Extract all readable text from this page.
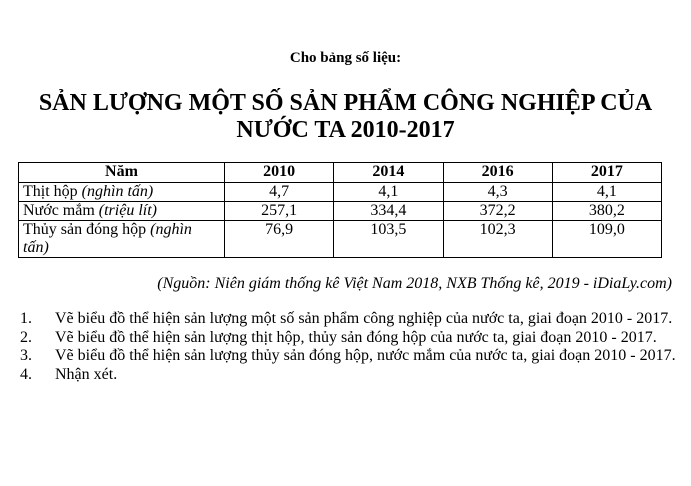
Cho bảng số liệu:
SẢN LƯỢNG MỘT SỐ SẢN PHẨM CÔNG NGHIỆP CỦA
NƯỚC TA 2010-2017
Năm	2010	2014	2016	2017
Thịt hộp (nghìn tấn)	4,7	4,1	4,3	4,1
Nước mắm (triệu lít)	257,1	334,4	372,2	380,2
Thủy sản đóng hộp (nghìn tấn)	76,9	103,5	102,3	109,0
(Nguồn: Niên giám thống kê Việt Nam 2018, NXB Thống kê, 2019 - iDiaLy.com)
1. Vẽ biểu đồ thể hiện sản lượng một số sản phẩm công nghiệp của nước ta, giai đoạn 2010 - 2017.
2. Vẽ biểu đồ thể hiện sản lượng thịt hộp, thủy sản đóng hộp của nước ta, giai đoạn 2010 - 2017.
3. Vẽ biểu đồ thể hiện sản lượng thủy sản đóng hộp, nước mắm của nước ta, giai đoạn 2010 - 2017.
4. Nhận xét.
